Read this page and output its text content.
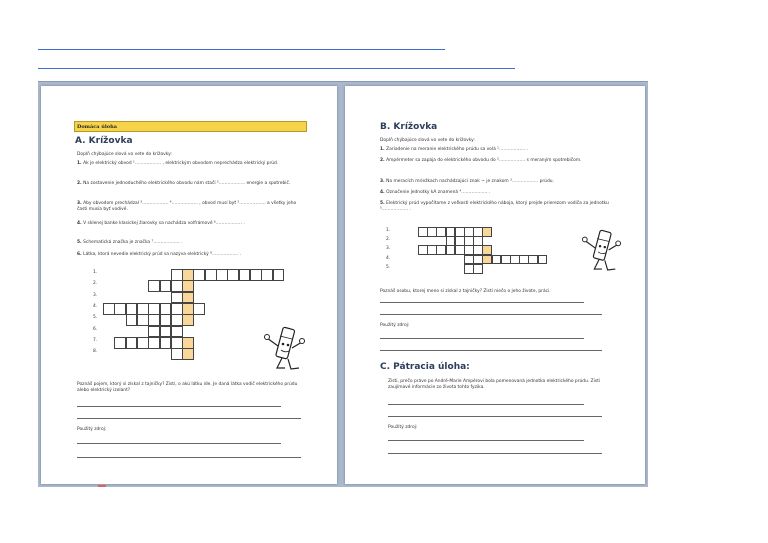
Domáca úloha
A. Krížovka
Doplň chýbajúce slová vo vete do krížovky:
1. Ak je elektrický obvod ¹……………… , elektrickým obvodom neprechádza elektrický prúd.
2. Na zostavenie jednoduchého elektrického obvodu nám stačí ²……………… energie a spotrebič.
3. Aby obvodom prechádzal ³……………… ⁴……………… , obvod musí byť ⁵……………… a všetky jeho časti musia byť vodivé.
4. V sklenej banke klasickej žiarovky sa nachádza volfrámové ⁶……………… .
5. Schematická značka je značka ⁷……………… .
6. Látka, ktorá nevedie elektrický prúd sa nazýva elektrický ⁸……………… .
Poznáš pojem, ktorý si získal z tajničky? Zisti, o akú látku ide. Je daná látka vodič elektrického prúdu alebo elektrický izolant?
Použitý zdroj:
1.
2.
3.
4.
5.
6.
7.
8.
B. Krížovka
Doplň chýbajúce slová vo vete do krížovky:
1. Zariadenie na meranie elektrického prúdu sa volá ¹……………… .
2. Ampérmeter sa zapája do elektrického obvodu do ²……………… s meraným spotrebičom.
3. Na meracích mriežkach nachádzajúci znak ~ je znakom ³……………… prúdu.
4. Označenie jednotky kA znamená ⁴……………… .
5. Elektrický prúd vypočítame z veľkosti elektrického náboja, ktorý prejde prierezom vodiča za jednotku ⁵……………… .
Poznáš osobu, ktorej meno si získal z tajničky? Zisti niečo o jeho živote, práci.
Použitý zdroj:
C. Pátracia úloha:
Zisti, prečo práve po André-Marie Ampérovi bola pomenovaná jednotka elektrického prúdu. Zisti zaujímavé informácie zo života tohto fyzika.
Použitý zdroj:
1.
2.
3.
4.
5.
